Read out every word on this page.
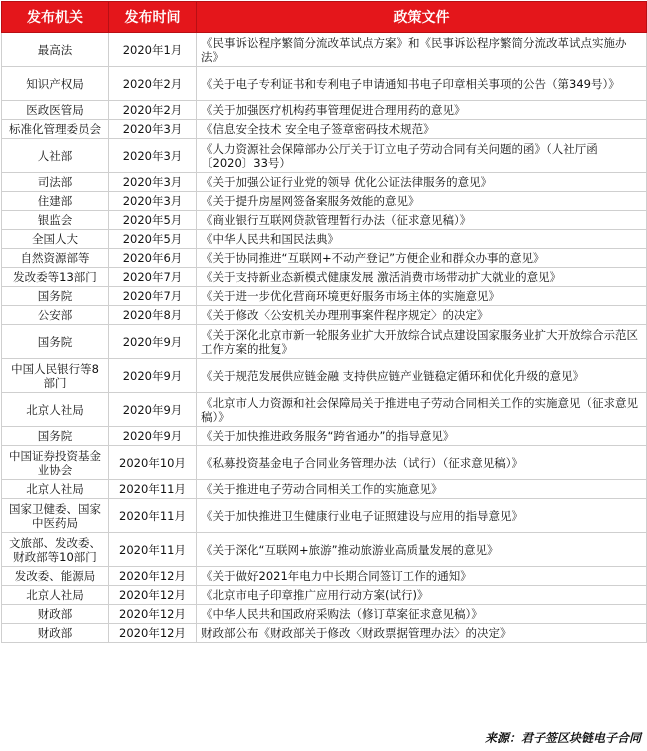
发布机关	发布时间	政策文件
最高法	2020年1月	《民事诉讼程序繁简分流改革试点方案》和《民事诉讼程序繁简分流改革试点实施办法》
知识产权局	2020年2月	《关于电子专利证书和专利电子申请通知书电子印章相关事项的公告（第349号）》
医政医管局	2020年2月	《关于加强医疗机构药事管理促进合理用药的意见》
标准化管理委员会	2020年3月	《信息安全技术 安全电子签章密码技术规范》
人社部	2020年3月	《人力资源社会保障部办公厅关于订立电子劳动合同有关问题的函》（人社厅函〔2020〕33号）
司法部	2020年3月	《关于加强公证行业党的领导 优化公证法律服务的意见》
住建部	2020年3月	《关于提升房屋网签备案服务效能的意见》
银监会	2020年5月	《商业银行互联网贷款管理暂行办法（征求意见稿）》
全国人大	2020年5月	《中华人民共和国民法典》
自然资源部等	2020年6月	《关于协同推进“互联网+不动产登记”方便企业和群众办事的意见》
发改委等13部门	2020年7月	《关于支持新业态新模式健康发展 激活消费市场带动扩大就业的意见》
国务院	2020年7月	《关于进一步优化营商环境更好服务市场主体的实施意见》
公安部	2020年8月	《关于修改〈公安机关办理刑事案件程序规定〉的决定》
国务院	2020年9月	《关于深化北京市新一轮服务业扩大开放综合试点建设国家服务业扩大开放综合示范区工作方案的批复》
中国人民银行等8部门	2020年9月	《关于规范发展供应链金融 支持供应链产业链稳定循环和优化升级的意见》
北京人社局	2020年9月	《北京市人力资源和社会保障局关于推进电子劳动合同相关工作的实施意见（征求意见稿）》
国务院	2020年9月	《关于加快推进政务服务“跨省通办”的指导意见》
中国证券投资基金业协会	2020年10月	《私募投资基金电子合同业务管理办法（试行）（征求意见稿）》
北京人社局	2020年11月	《关于推进电子劳动合同相关工作的实施意见》
国家卫健委、国家中医药局	2020年11月	《关于加快推进卫生健康行业电子证照建设与应用的指导意见》
文旅部、发改委、财政部等10部门	2020年11月	《关于深化“互联网+旅游”推动旅游业高质量发展的意见》
发改委、能源局	2020年12月	《关于做好2021年电力中长期合同签订工作的通知》
北京人社局	2020年12月	《北京市电子印章推广应用行动方案(试行)》
财政部	2020年12月	《中华人民共和国政府采购法（修订草案征求意见稿）》
财政部	2020年12月	财政部公布《财政部关于修改〈财政票据管理办法〉的决定》
来源：君子签区块链电子合同
